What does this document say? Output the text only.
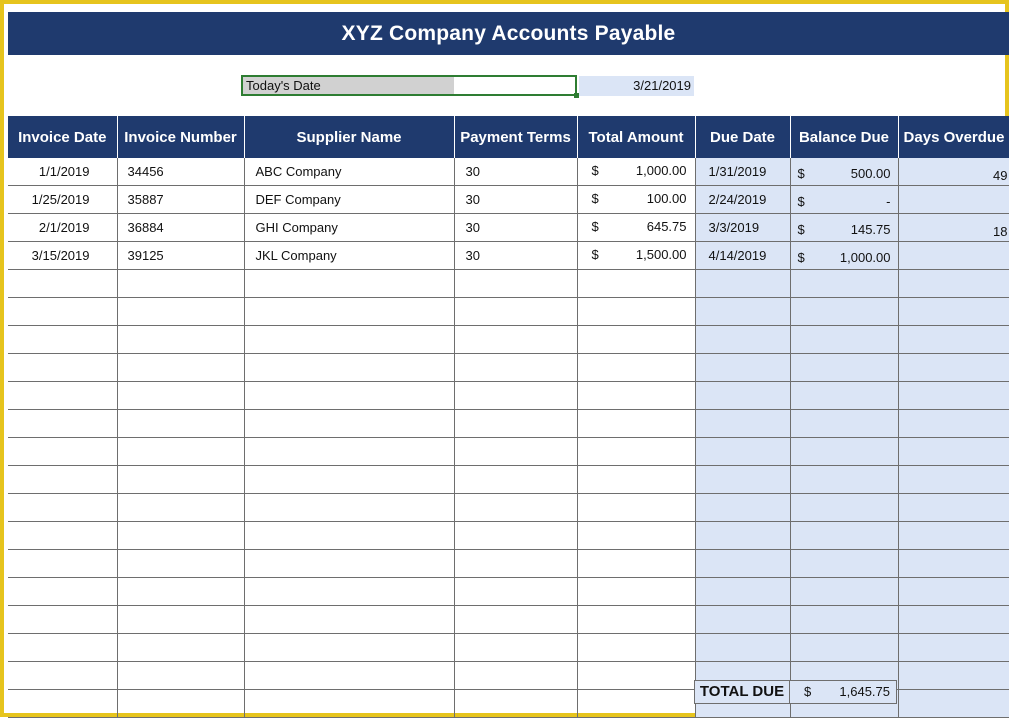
XYZ Company Accounts Payable
Today's Date	3/21/2019
Invoice Date	Invoice Number	Supplier Name	Payment Terms	Total Amount	Due Date	Balance Due	Days Overdue
1/1/2019	34456	ABC Company	30	$ 1,000.00	1/31/2019	$ 500.00	49
1/25/2019	35887	DEF Company	30	$ 100.00	2/24/2019	$ -	

2/1/2019	36884	GHI Company	30	$ 645.75	3/3/2019	$ 145.75	18
3/15/2019	39125	JKL Company	30	$ 1,500.00	4/14/2019	$ 1,000.00	

TOTAL DUE	$ 1,645.75
